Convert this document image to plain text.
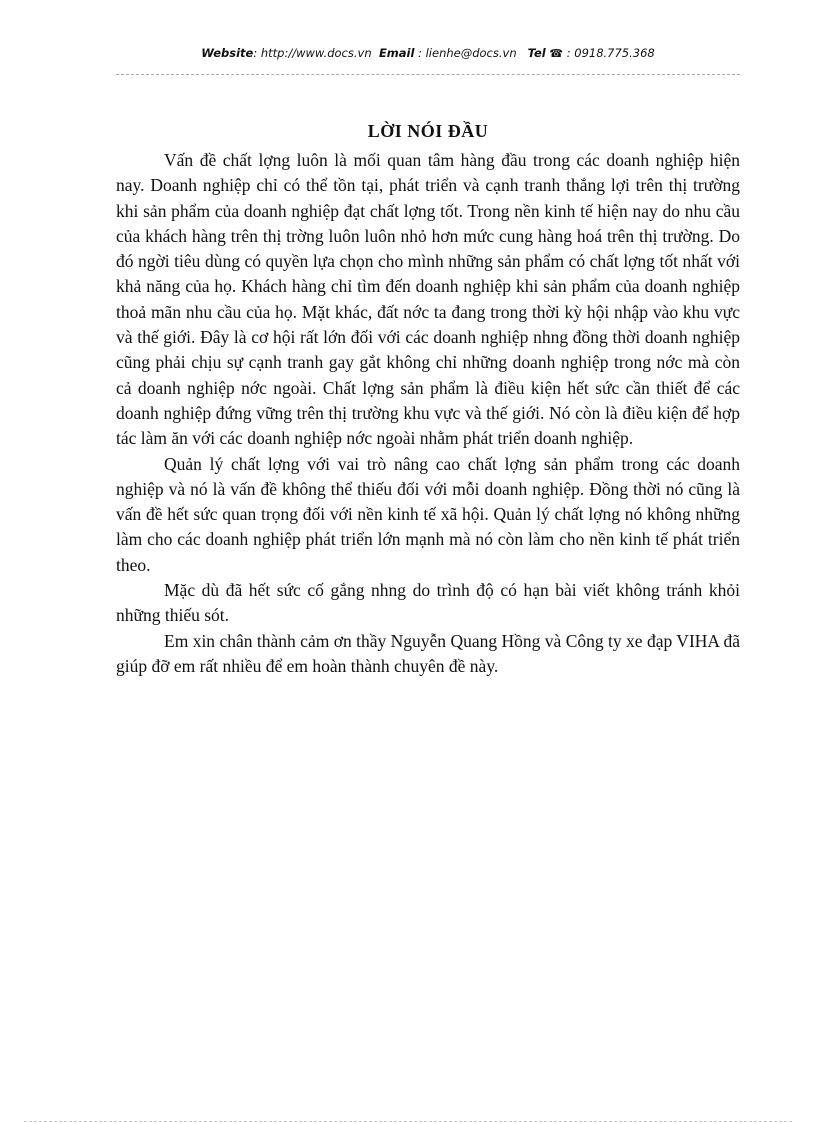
Website: http://www.docs.vn Email : lienhe@docs.vn Tel ☎ : 0918.775.368
LỜI NÓI ĐẦU

Vấn đề chất lợng luôn là mối quan tâm hàng đầu trong các doanh nghiệp hiện nay. Doanh nghiệp chỉ có thể tồn tại, phát triển và cạnh tranh thắng lợi trên thị trường khi sản phẩm của doanh nghiệp đạt chất lợng tốt. Trong nền kinh tế hiện nay do nhu cầu của khách hàng trên thị trờng luôn luôn nhỏ hơn mức cung hàng hoá trên thị trường. Do đó ngời tiêu dùng có quyền lựa chọn cho mình những sản phẩm có chất lợng tốt nhất với khả năng của họ. Khách hàng chỉ tìm đến doanh nghiệp khi sản phẩm của doanh nghiệp thoả mãn nhu cầu của họ. Mặt khác, đất nớc ta đang trong thời kỳ hội nhập vào khu vực và thế giới. Đây là cơ hội rất lớn đối với các doanh nghiệp nhng đồng thời doanh nghiệp cũng phải chịu sự cạnh tranh gay gắt không chỉ những doanh nghiệp trong nớc mà còn cả doanh nghiệp nớc ngoài. Chất lợng sản phẩm là điều kiện hết sức cần thiết để các doanh nghiệp đứng vững trên thị trường khu vực và thế giới. Nó còn là điều kiện để hợp tác làm ăn với các doanh nghiệp nớc ngoài nhằm phát triển doanh nghiệp.

Quản lý chất lợng với vai trò nâng cao chất lợng sản phẩm trong các doanh nghiệp và nó là vấn đề không thể thiếu đối với mỗi doanh nghiệp. Đồng thời nó cũng là vấn đề hết sức quan trọng đối với nền kinh tế xã hội. Quản lý chất lợng nó không những làm cho các doanh nghiệp phát triển lớn mạnh mà nó còn làm cho nền kinh tế phát triển theo.

Mặc dù đã hết sức cố gắng nhng do trình độ có hạn bài viết không tránh khỏi những thiếu sót.

Em xin chân thành cảm ơn thầy Nguyễn Quang Hồng và Công ty xe đạp VIHA đã giúp đỡ em rất nhiều để em hoàn thành chuyên đề này.
